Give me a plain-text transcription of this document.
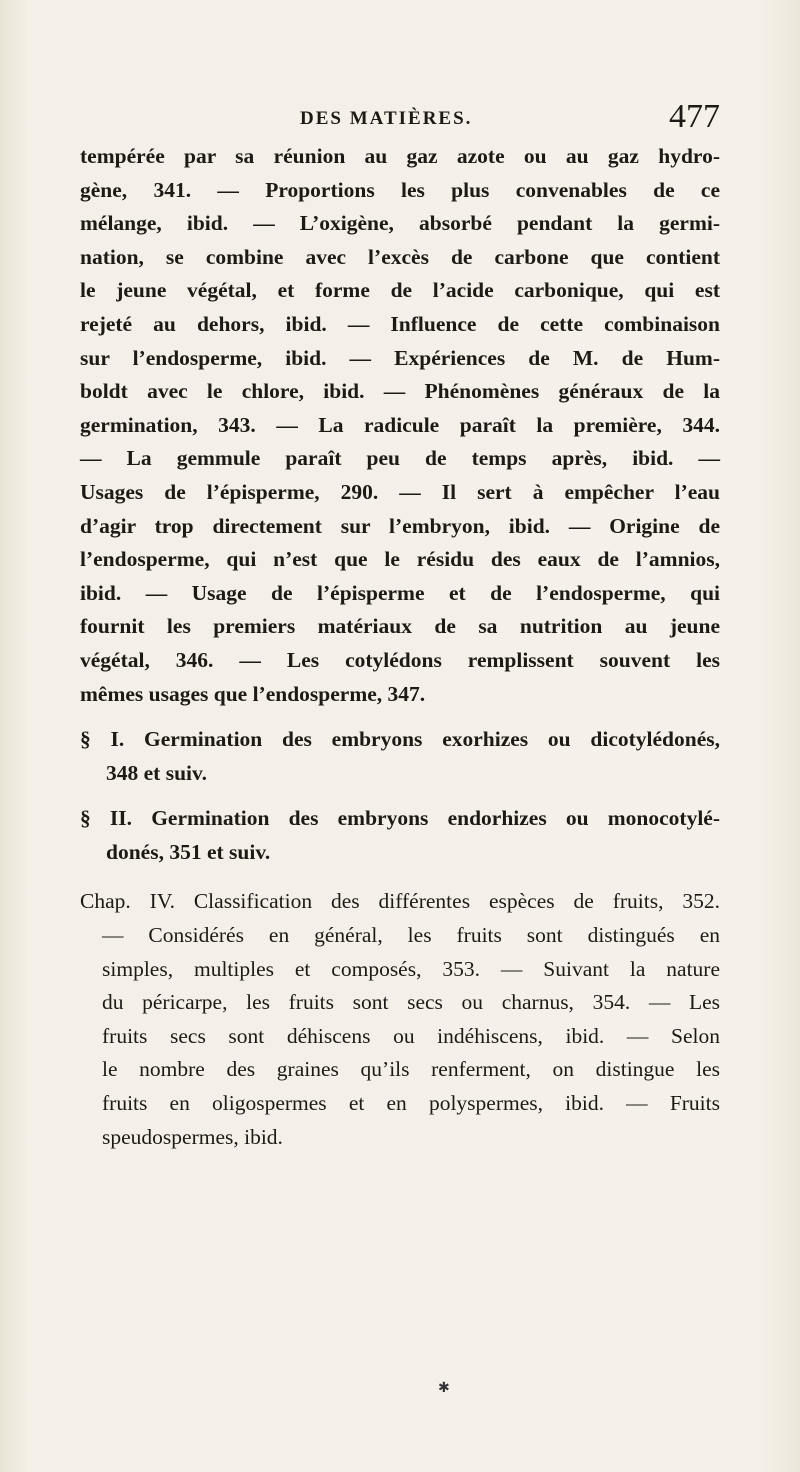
DES MATIÈRES.	477
tempérée par sa réunion au gaz azote ou au gaz hydro-
gène, 341. — Proportions les plus convenables de ce
mélange, ibid. — L’oxigène, absorbé pendant la germi-
nation, se combine avec l’excès de carbone que contient
le jeune végétal, et forme de l’acide carbonique, qui est
rejeté au dehors, ibid. — Influence de cette combinaison
sur l’endosperme, ibid. — Expériences de M. de Hum-
boldt avec le chlore, ibid. — Phénomènes généraux de la
germination, 343. — La radicule paraît la première, 344.
— La gemmule paraît peu de temps après, ibid. —
Usages de l’épisperme, 290. — Il sert à empêcher l’eau
d’agir trop directement sur l’embryon, ibid. — Origine de
l’endosperme, qui n’est que le résidu des eaux de l’amnios,
ibid. — Usage de l’épisperme et de l’endosperme, qui
fournit les premiers matériaux de sa nutrition au jeune
végétal, 346. — Les cotylédons remplissent souvent les
mêmes usages que l’endosperme, 347.
§ I. Germination des embryons exorhizes ou dicotylédonés,
348 et suiv.
§ II. Germination des embryons endorhizes ou monocotylé-
donés, 351 et suiv.
Chap. IV. Classification des différentes espèces de fruits, 352.
— Considérés en général, les fruits sont distingués en
simples, multiples et composés, 353. — Suivant la nature
du péricarpe, les fruits sont secs ou charnus, 354. — Les
fruits secs sont déhiscens ou indéhiscens, ibid. — Selon
le nombre des graines qu’ils renferment, on distingue les
fruits en oligospermes et en polyspermes, ibid. — Fruits
speudospermes, ibid.
✱
